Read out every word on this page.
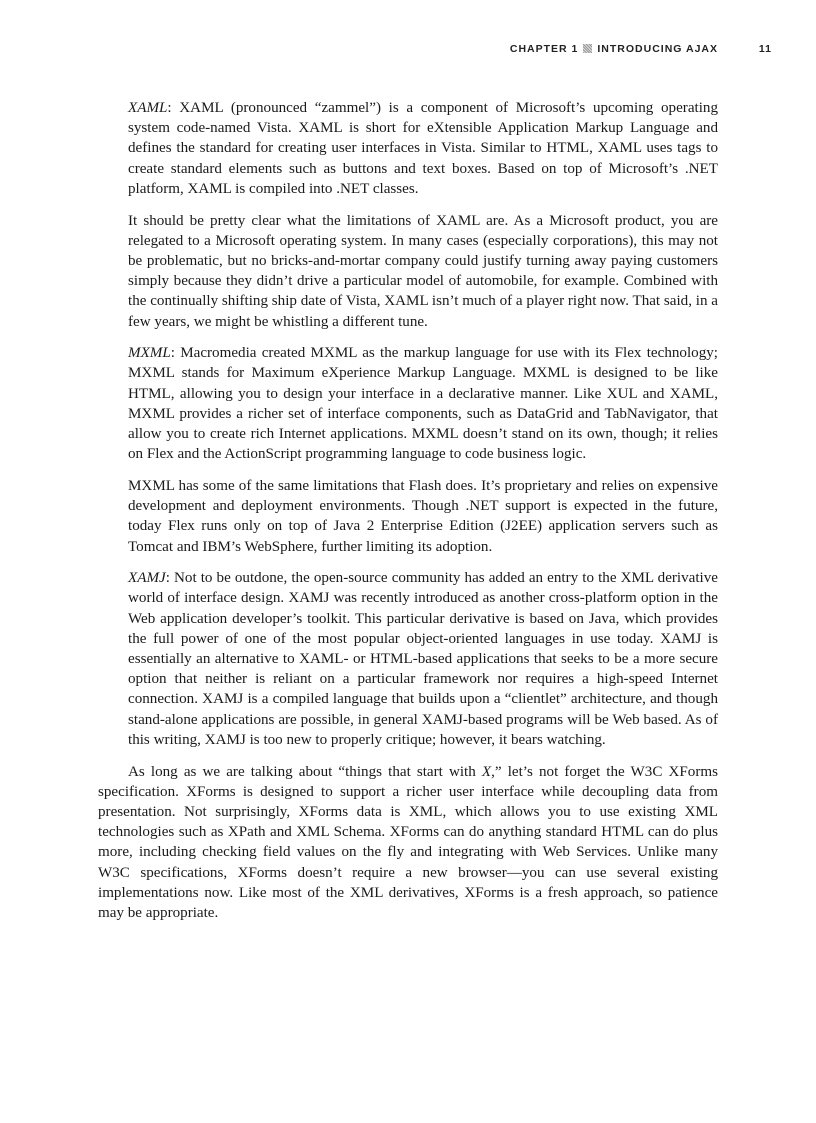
CHAPTER 1 INTRODUCING AJAX	11

XAML: XAML (pronounced “zammel”) is a component of Microsoft’s upcoming operating system code-named Vista. XAML is short for eXtensible Application Markup Language and defines the standard for creating user interfaces in Vista. Similar to HTML, XAML uses tags to create standard elements such as buttons and text boxes. Based on top of Microsoft’s .NET platform, XAML is compiled into .NET classes.

It should be pretty clear what the limitations of XAML are. As a Microsoft product, you are relegated to a Microsoft operating system. In many cases (especially corporations), this may not be problematic, but no bricks-and-mortar company could justify turning away paying customers simply because they didn’t drive a particular model of automobile, for example. Combined with the continually shifting ship date of Vista, XAML isn’t much of a player right now. That said, in a few years, we might be whistling a different tune.

MXML: Macromedia created MXML as the markup language for use with its Flex technology; MXML stands for Maximum eXperience Markup Language. MXML is designed to be like HTML, allowing you to design your interface in a declarative manner. Like XUL and XAML, MXML provides a richer set of interface components, such as DataGrid and TabNavigator, that allow you to create rich Internet applications. MXML doesn’t stand on its own, though; it relies on Flex and the ActionScript programming language to code business logic.

MXML has some of the same limitations that Flash does. It’s proprietary and relies on expensive development and deployment environments. Though .NET support is expected in the future, today Flex runs only on top of Java 2 Enterprise Edition (J2EE) application servers such as Tomcat and IBM’s WebSphere, further limiting its adoption.

XAMJ: Not to be outdone, the open-source community has added an entry to the XML derivative world of interface design. XAMJ was recently introduced as another cross-platform option in the Web application developer’s toolkit. This particular derivative is based on Java, which provides the full power of one of the most popular object-oriented languages in use today. XAMJ is essentially an alternative to XAML- or HTML-based applications that seeks to be a more secure option that neither is reliant on a particular framework nor requires a high-speed Internet connection. XAMJ is a compiled language that builds upon a “clientlet” architecture, and though stand-alone applications are possible, in general XAMJ-based programs will be Web based. As of this writing, XAMJ is too new to properly critique; however, it bears watching.

As long as we are talking about “things that start with X,” let’s not forget the W3C XForms specification. XForms is designed to support a richer user interface while decoupling data from presentation. Not surprisingly, XForms data is XML, which allows you to use existing XML technologies such as XPath and XML Schema. XForms can do anything standard HTML can do plus more, including checking field values on the fly and integrating with Web Services. Unlike many W3C specifications, XForms doesn’t require a new browser—you can use several existing implementations now. Like most of the XML derivatives, XForms is a fresh approach, so patience may be appropriate.
